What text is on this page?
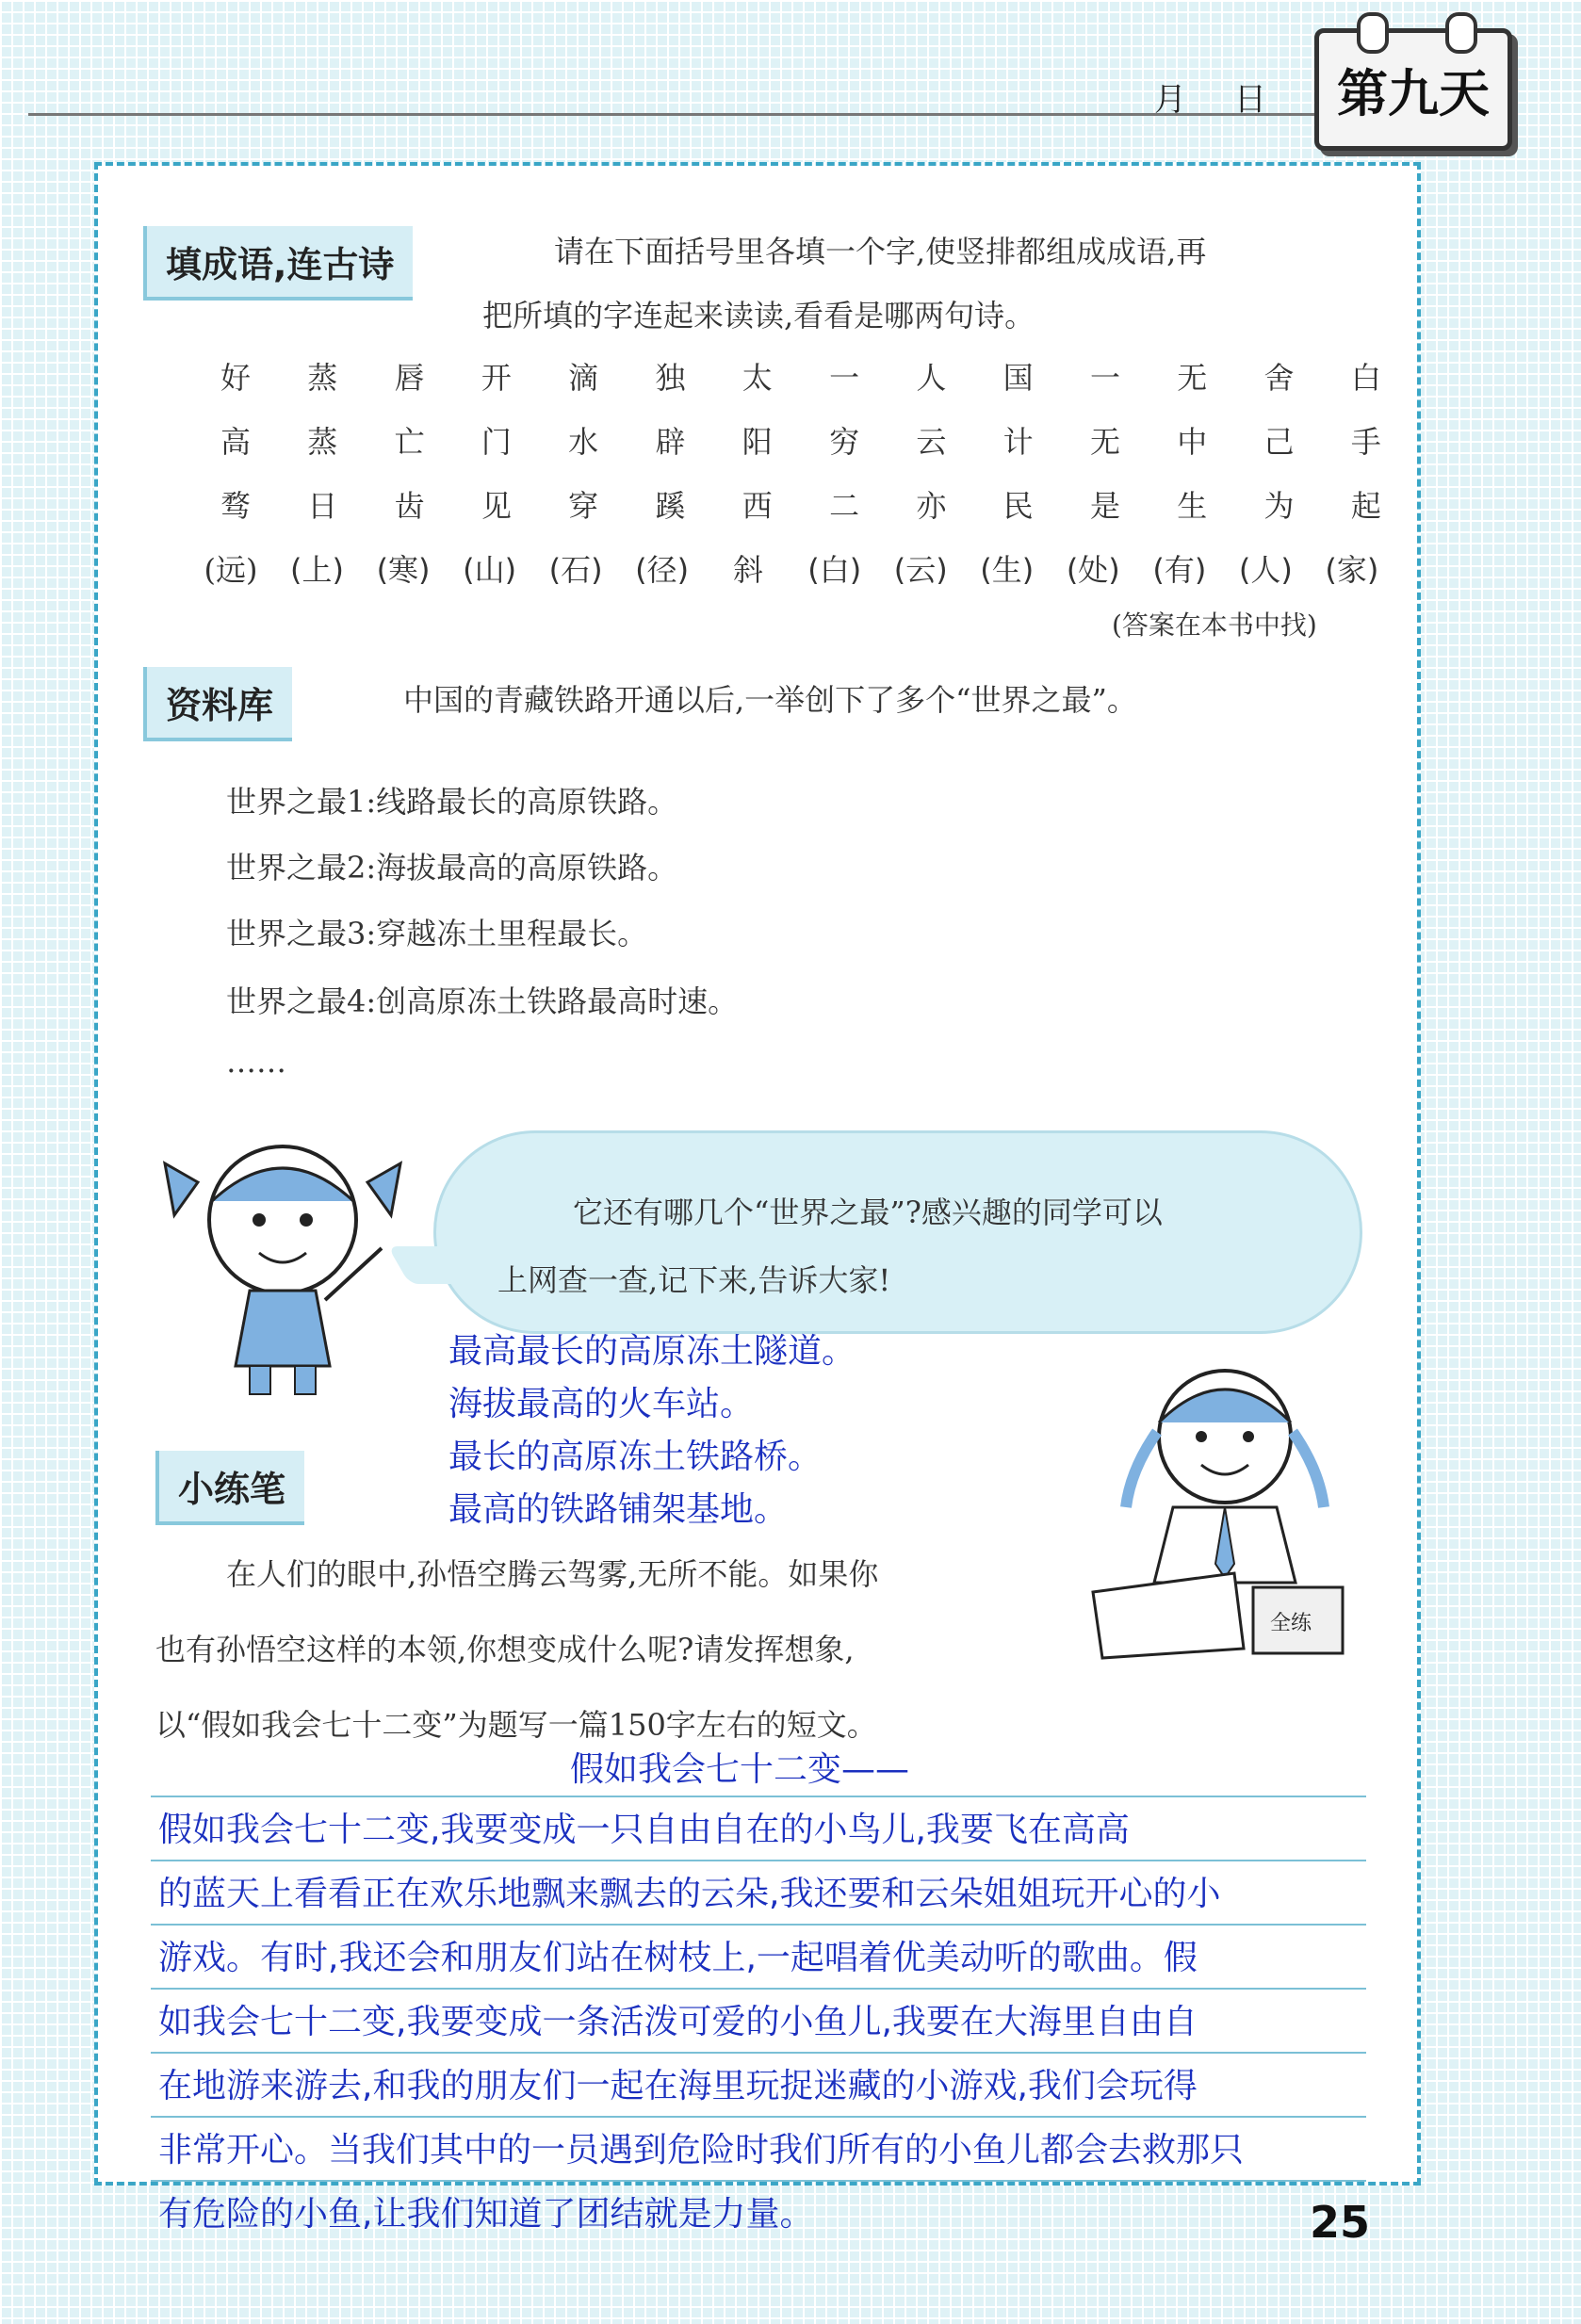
月 日	第九天
填成语,连古诗	请在下面括号里各填一个字,使竖排都组成成语,再
把所填的字连起来读读,看看是哪两句诗。
好 蒸 唇 开 滴 独 太 一 人 国 一 无 舍 白
高 蒸 亡 门 水 辟 阳 穷 云 计 无 中 己 手
骛 日 齿 见 穿 蹊 西 二 亦 民 是 生 为 起
(远) (上) (寒) (山) (石) (径)	斜	(白) (云) (生) (处) (有) (人) (家)
(答案在本书中找)
资料库	中国的青藏铁路开通以后,一举创下了多个“世界之最”。
世界之最1:线路最长的高原铁路。
世界之最2:海拔最高的高原铁路。
世界之最3:穿越冻土里程最长。
世界之最4:创高原冻土铁路最高时速。
……
它还有哪几个“世界之最”?感兴趣的同学可以
上网查一查,记下来,告诉大家!
最高最长的高原冻土隧道。
海拔最高的火车站。
最长的高原冻土铁路桥。
最高的铁路铺架基地。
小练笔
全练
在人们的眼中,孙悟空腾云驾雾,无所不能。如果你
也有孙悟空这样的本领,你想变成什么呢?请发挥想象,
以“假如我会七十二变”为题写一篇150字左右的短文。
假如我会七十二变——
假如我会七十二变,我要变成一只自由自在的小鸟儿,我要飞在高高
的蓝天上看看正在欢乐地飘来飘去的云朵,我还要和云朵姐姐玩开心的小
游戏。有时,我还会和朋友们站在树枝上,一起唱着优美动听的歌曲。假
如我会七十二变,我要变成一条活泼可爱的小鱼儿,我要在大海里自由自
在地游来游去,和我的朋友们一起在海里玩捉迷藏的小游戏,我们会玩得
非常开心。当我们其中的一员遇到危险时我们所有的小鱼儿都会去救那只
有危险的小鱼,让我们知道了团结就是力量。	25
